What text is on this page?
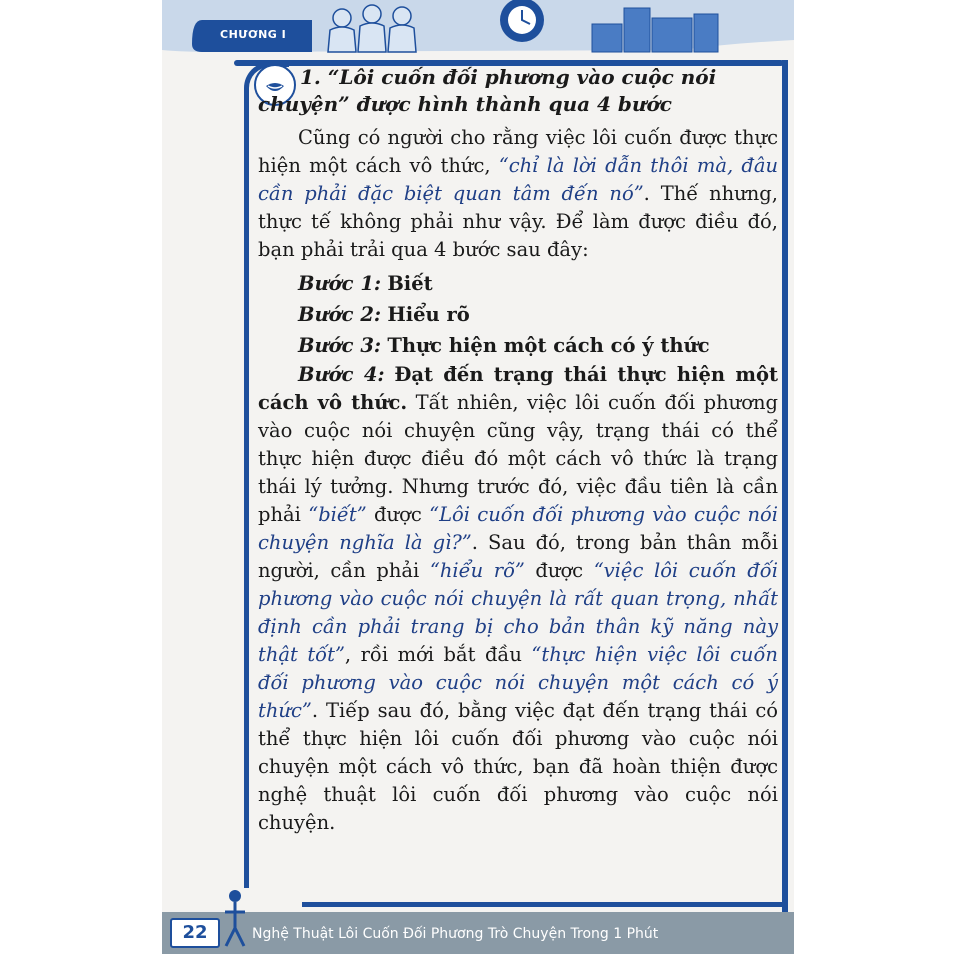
CHƯƠNG I
1. “Lôi cuốn đối phương vào cuộc nói
chuyện” được hình thành qua 4 bước

Cũng có người cho rằng việc lôi cuốn được thực hiện một cách vô thức, “chỉ là lời dẫn thôi mà, đâu cần phải đặc biệt quan tâm đến nó”. Thế nhưng, thực tế không phải như vậy. Để làm được điều đó, bạn phải trải qua 4 bước sau đây:

Bước 1: Biết

Bước 2: Hiểu rõ

Bước 3: Thực hiện một cách có ý thức

Bước 4: Đạt đến trạng thái thực hiện một cách vô thức. Tất nhiên, việc lôi cuốn đối phương vào cuộc nói chuyện cũng vậy, trạng thái có thể thực hiện được điều đó một cách vô thức là trạng thái lý tưởng. Nhưng trước đó, việc đầu tiên là cần phải “biết” được “Lôi cuốn đối phương vào cuộc nói chuyện nghĩa là gì?”. Sau đó, trong bản thân mỗi người, cần phải “hiểu rõ” được “việc lôi cuốn đối phương vào cuộc nói chuyện là rất quan trọng, nhất định cần phải trang bị cho bản thân kỹ năng này thật tốt”, rồi mới bắt đầu “thực hiện việc lôi cuốn đối phương vào cuộc nói chuyện một cách có ý thức”. Tiếp sau đó, bằng việc đạt đến trạng thái có thể thực hiện lôi cuốn đối phương vào cuộc nói chuyện một cách vô thức, bạn đã hoàn thiện được nghệ thuật lôi cuốn đối phương vào cuộc nói chuyện.

22	Nghệ Thuật Lôi Cuốn Đối Phương Trò Chuyện Trong 1 Phút
